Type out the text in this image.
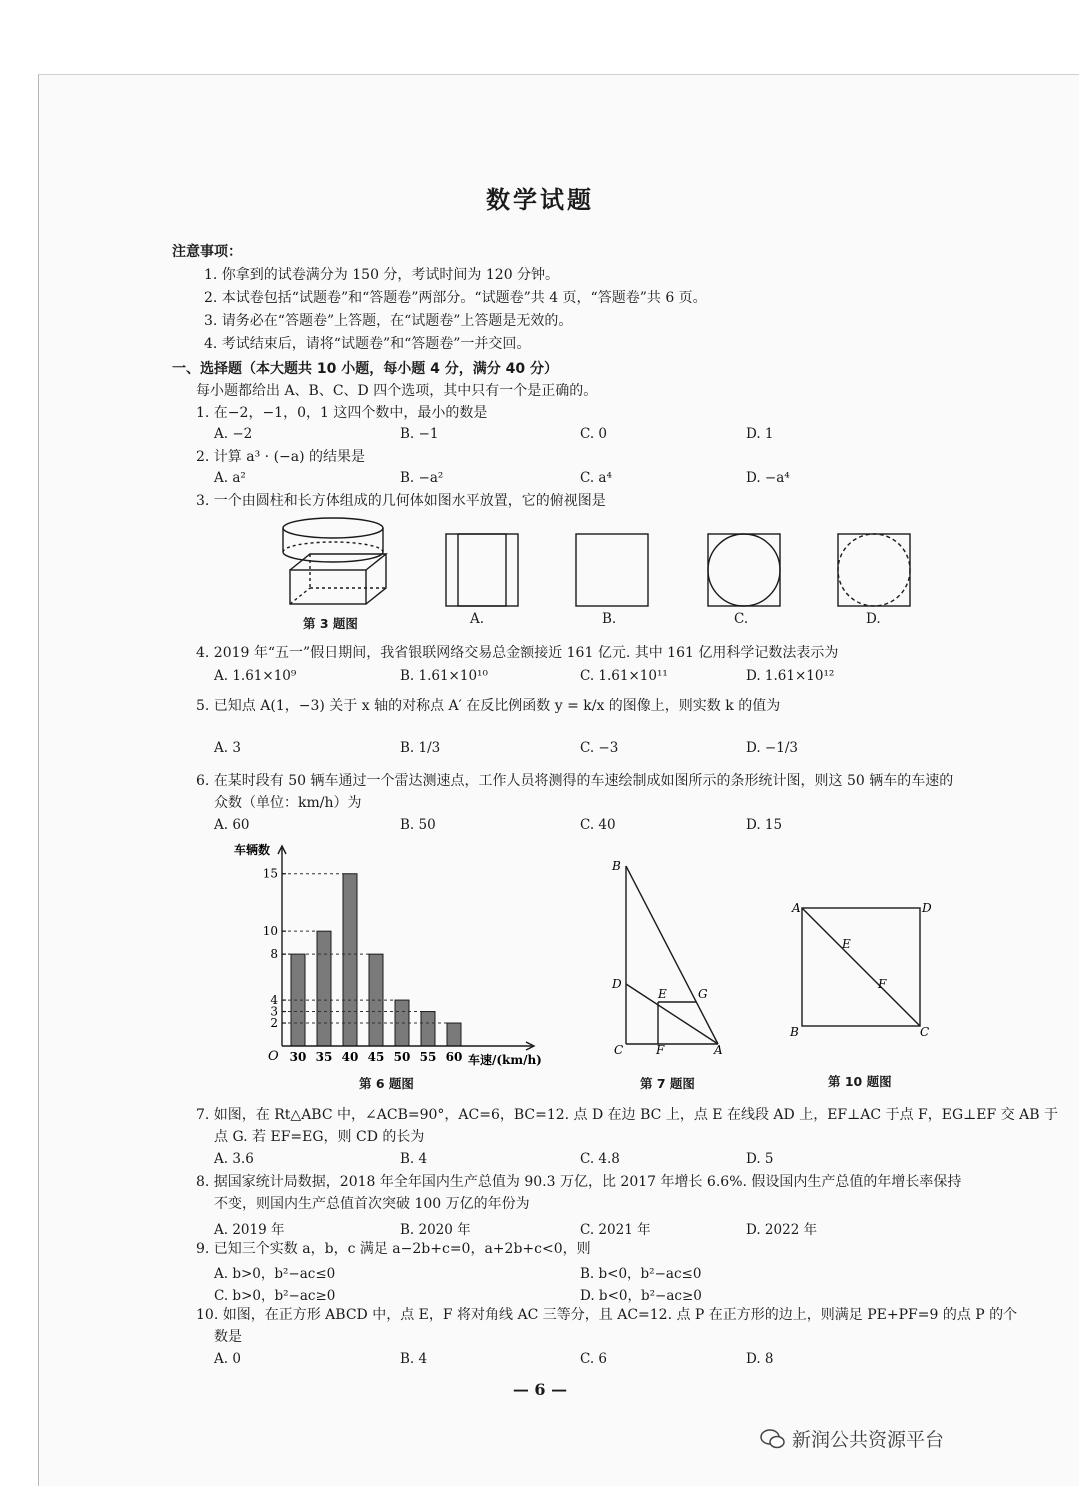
数学试题
注意事项：
1. 你拿到的试卷满分为 150 分，考试时间为 120 分钟。
2. 本试卷包括“试题卷”和“答题卷”两部分。“试题卷”共 4 页，“答题卷”共 6 页。
3. 请务必在“答题卷”上答题，在“试题卷”上答题是无效的。
4. 考试结束后，请将“试题卷”和“答题卷”一并交回。
一、选择题（本大题共 10 小题，每小题 4 分，满分 40 分）
每小题都给出 A、B、C、D 四个选项，其中只有一个是正确的。
1. 在−2，−1，0，1 这四个数中，最小的数是
A. −2	B. −1	C. 0	D. 1
2. 计算 a³ · (−a) 的结果是
A. a²	B. −a²	C. a⁴	D. −a⁴
3. 一个由圆柱和长方体组成的几何体如图水平放置，它的俯视图是
第 3 题图	A.	B.	C.	D.
4. 2019 年“五一”假日期间，我省银联网络交易总金额接近 161 亿元. 其中 161 亿用科学记数法表示为
A. 1.61×10⁹	B. 1.61×10¹⁰	C. 1.61×10¹¹	D. 1.61×10¹²
5. 已知点 A(1，−3) 关于 x 轴的对称点 A′ 在反比例函数 y = k/x 的图像上，则实数 k 的值为
A. 3	B. 1/3	C. −3	D. −1/3
6. 在某时段有 50 辆车通过一个雷达测速点，工作人员将测得的车速绘制成如图所示的条形统计图，则这 50 辆车的车速的
众数（单位：km/h）为
A. 60	B. 50	C. 40	D. 15
30 35 40 45 50 55 60
2
3
4
8
10
15
车辆数
车速/(km/h)
O
第 6 题图
B
D
E	G
C	F	A
第 7 题图
A	D
E
F
B	C
第 10 题图
7. 如图，在 Rt△ABC 中，∠ACB=90°，AC=6，BC=12. 点 D 在边 BC 上，点 E 在线段 AD 上，EF⊥AC 于点 F，EG⊥EF 交 AB 于
点 G. 若 EF=EG，则 CD 的长为
A. 3.6	B. 4	C. 4.8	D. 5
8. 据国家统计局数据，2018 年全年国内生产总值为 90.3 万亿，比 2017 年增长 6.6%. 假设国内生产总值的年增长率保持
不变，则国内生产总值首次突破 100 万亿的年份为
A. 2019 年	B. 2020 年	C. 2021 年	D. 2022 年
9. 已知三个实数 a，b，c 满足 a−2b+c=0，a+2b+c<0，则
A. b>0，b²−ac≤0	B. b<0，b²−ac≤0
C. b>0，b²−ac≥0	D. b<0，b²−ac≥0
10. 如图，在正方形 ABCD 中，点 E，F 将对角线 AC 三等分，且 AC=12. 点 P 在正方形的边上，则满足 PE+PF=9 的点 P 的个
数是
A. 0	B. 4	C. 6	D. 8
— 6 —
新润公共资源平台
